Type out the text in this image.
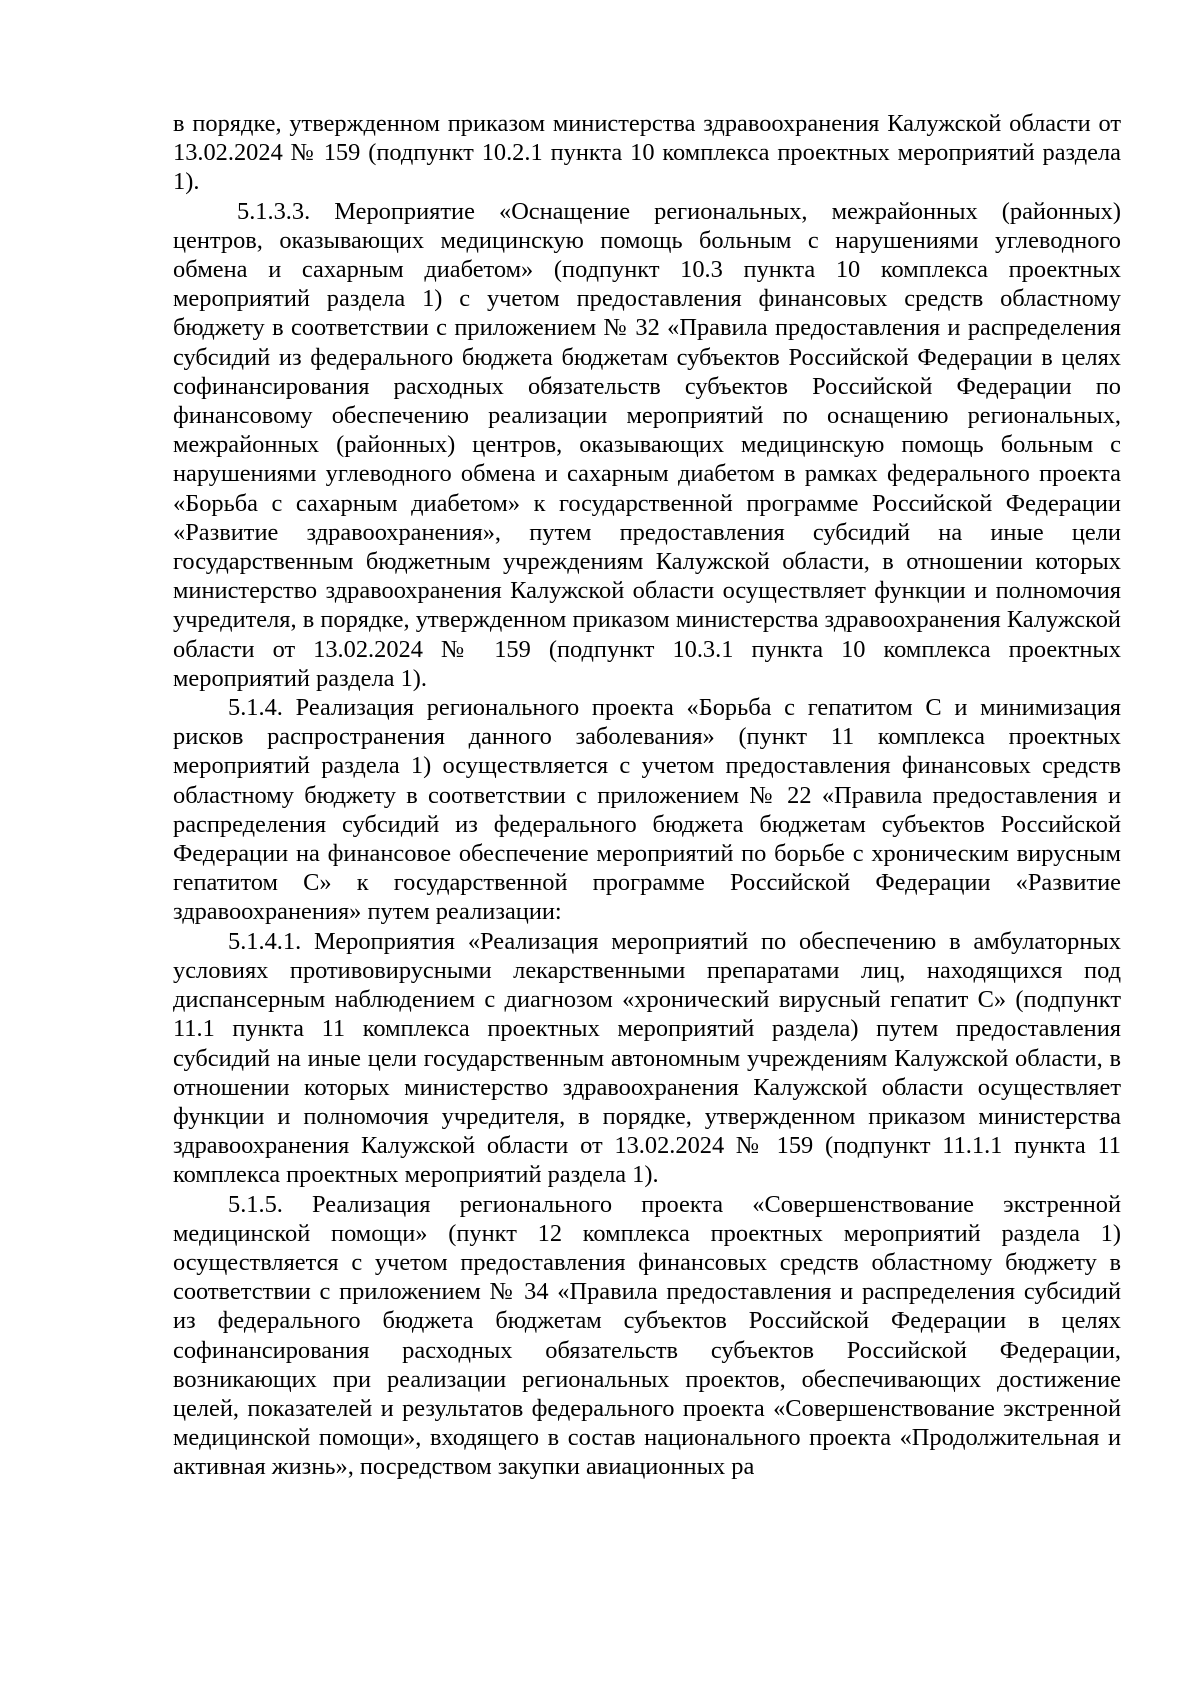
в порядке, утвержденном приказом министерства здравоохранения Калужской области от 13.02.2024 № 159 (подпункт 10.2.1 пункта 10 комплекса проектных мероприятий раздела 1).

5.1.3.3. Мероприятие «Оснащение региональных, межрайонных (районных) центров, оказывающих медицинскую помощь больным с нарушениями углеводного обмена и сахарным диабетом» (подпункт 10.3 пункта 10 комплекса проектных мероприятий раздела 1) с учетом предоставления финансовых средств областному бюджету в соответствии с приложением № 32 «Правила предоставления и распределения субсидий из федерального бюджета бюджетам субъектов Российской Федерации в целях софинансирования расходных обязательств субъектов Российской Федерации по финансовому обеспечению реализации мероприятий по оснащению региональных, межрайонных (районных) центров, оказывающих медицинскую помощь больным с нарушениями углеводного обмена и сахарным диабетом в рамках федерального проекта «Борьба с сахарным диабетом» к государственной программе Российской Федерации «Развитие здравоохранения», путем предоставления субсидий на иные цели государственным бюджетным учреждениям Калужской области, в отношении которых министерство здравоохранения Калужской области осуществляет функции и полномочия учредителя, в порядке, утвержденном приказом министерства здравоохранения Калужской области от 13.02.2024 № 159 (подпункт 10.3.1 пункта 10 комплекса проектных мероприятий раздела 1).

5.1.4. Реализация регионального проекта «Борьба с гепатитом С и минимизация рисков распространения данного заболевания» (пункт 11 комплекса проектных мероприятий раздела 1) осуществляется с учетом предоставления финансовых средств областному бюджету в соответствии с приложением № 22 «Правила предоставления и распределения субсидий из федерального бюджета бюджетам субъектов Российской Федерации на финансовое обеспечение мероприятий по борьбе с хроническим вирусным гепатитом С» к государственной программе Российской Федерации «Развитие здравоохранения» путем реализации:

5.1.4.1. Мероприятия «Реализация мероприятий по обеспечению в амбулаторных условиях противовирусными лекарственными препаратами лиц, находящихся под диспансерным наблюдением с диагнозом «хронический вирусный гепатит С» (подпункт 11.1 пункта 11 комплекса проектных мероприятий раздела) путем предоставления субсидий на иные цели государственным автономным учреждениям Калужской области, в отношении которых министерство здравоохранения Калужской области осуществляет функции и полномочия учредителя, в порядке, утвержденном приказом министерства здравоохранения Калужской области от 13.02.2024 № 159 (подпункт 11.1.1 пункта 11 комплекса проектных мероприятий раздела 1).

5.1.5. Реализация регионального проекта «Совершенствование экстренной медицинской помощи» (пункт 12 комплекса проектных мероприятий раздела 1) осуществляется с учетом предоставления финансовых средств областному бюджету в соответствии с приложением № 34 «Правила предоставления и распределения субсидий из федерального бюджета бюджетам субъектов Российской Федерации в целях софинансирования расходных обязательств субъектов Российской Федерации, возникающих при реализации региональных проектов, обеспечивающих достижение целей, показателей и результатов федерального проекта «Совершенствование экстренной медицинской помощи», входящего в состав национального проекта «Продолжительная и активная жизнь», посредством закупки авиационных ра
